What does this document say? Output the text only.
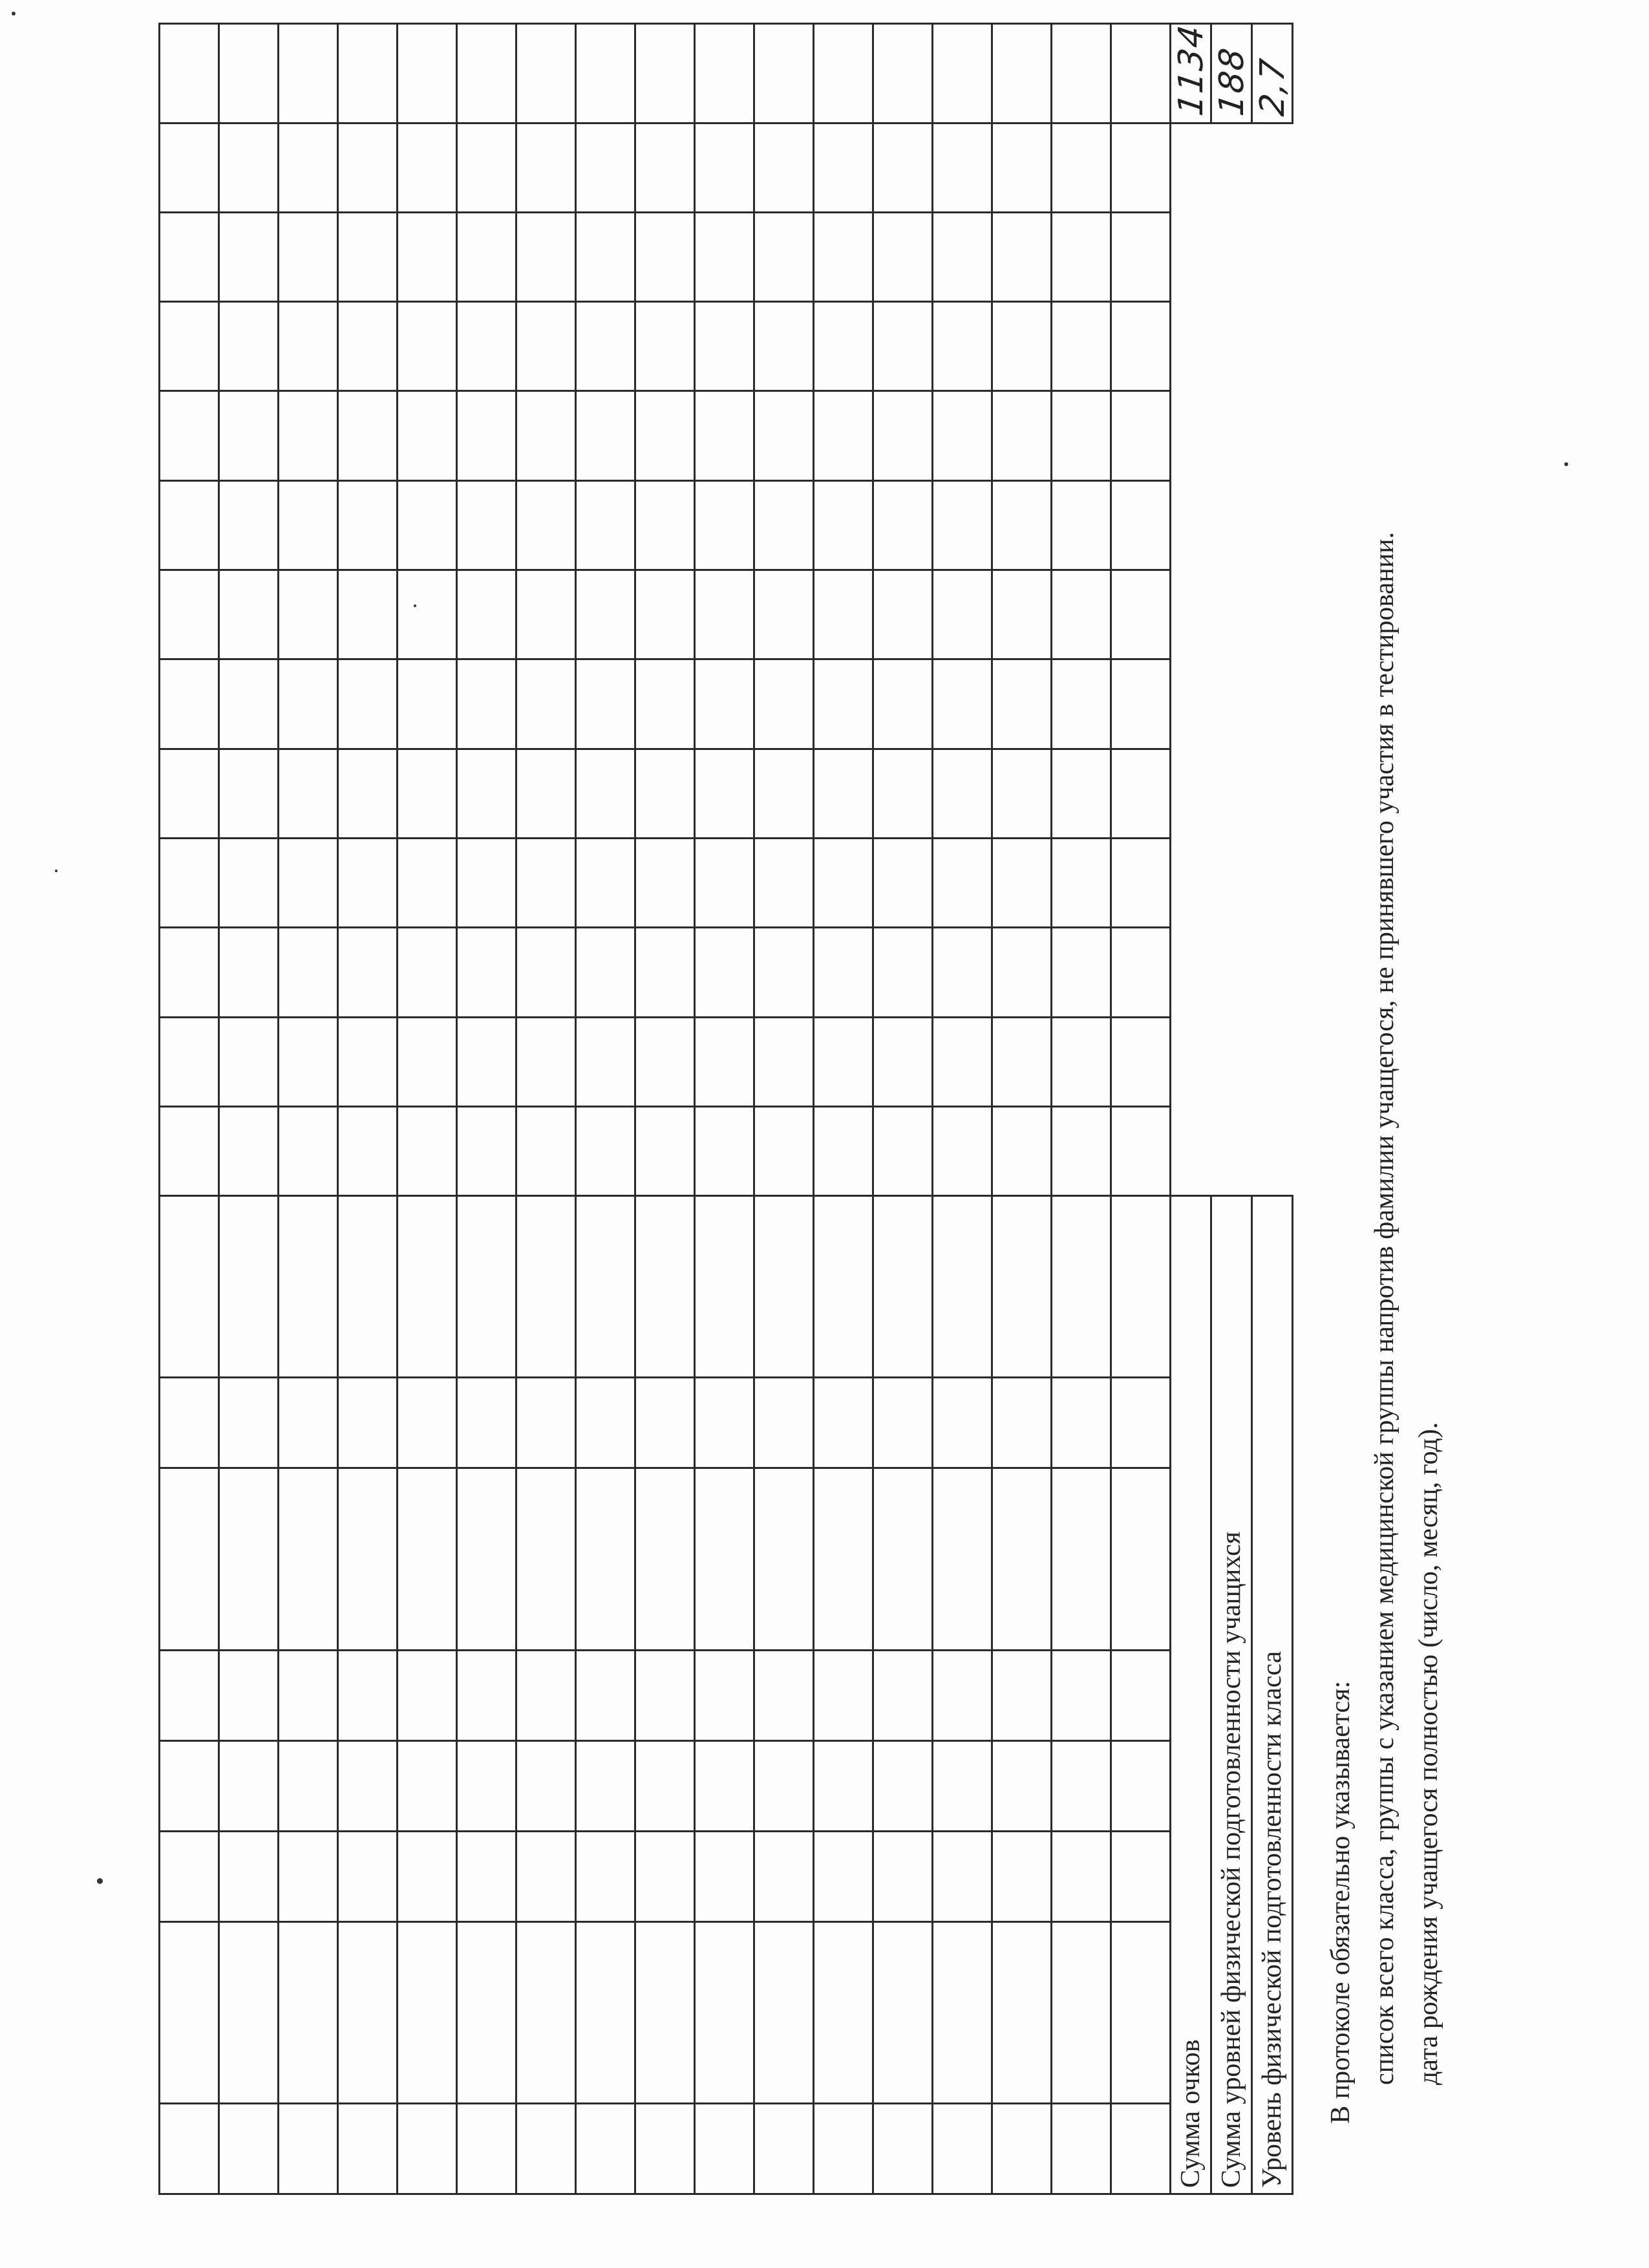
Сумма очков																				1134
Сумма уровней физической подготовленности учащихся																				188
Уровень физической подготовленности класса																				2,7
В протоколе обязательно указывается: список всего класса, группы с указанием медицинской группы напротив фамилии учащегося, не принявшего участия в тестировании. дата рождения учащегося полностью (число, месяц, год).
